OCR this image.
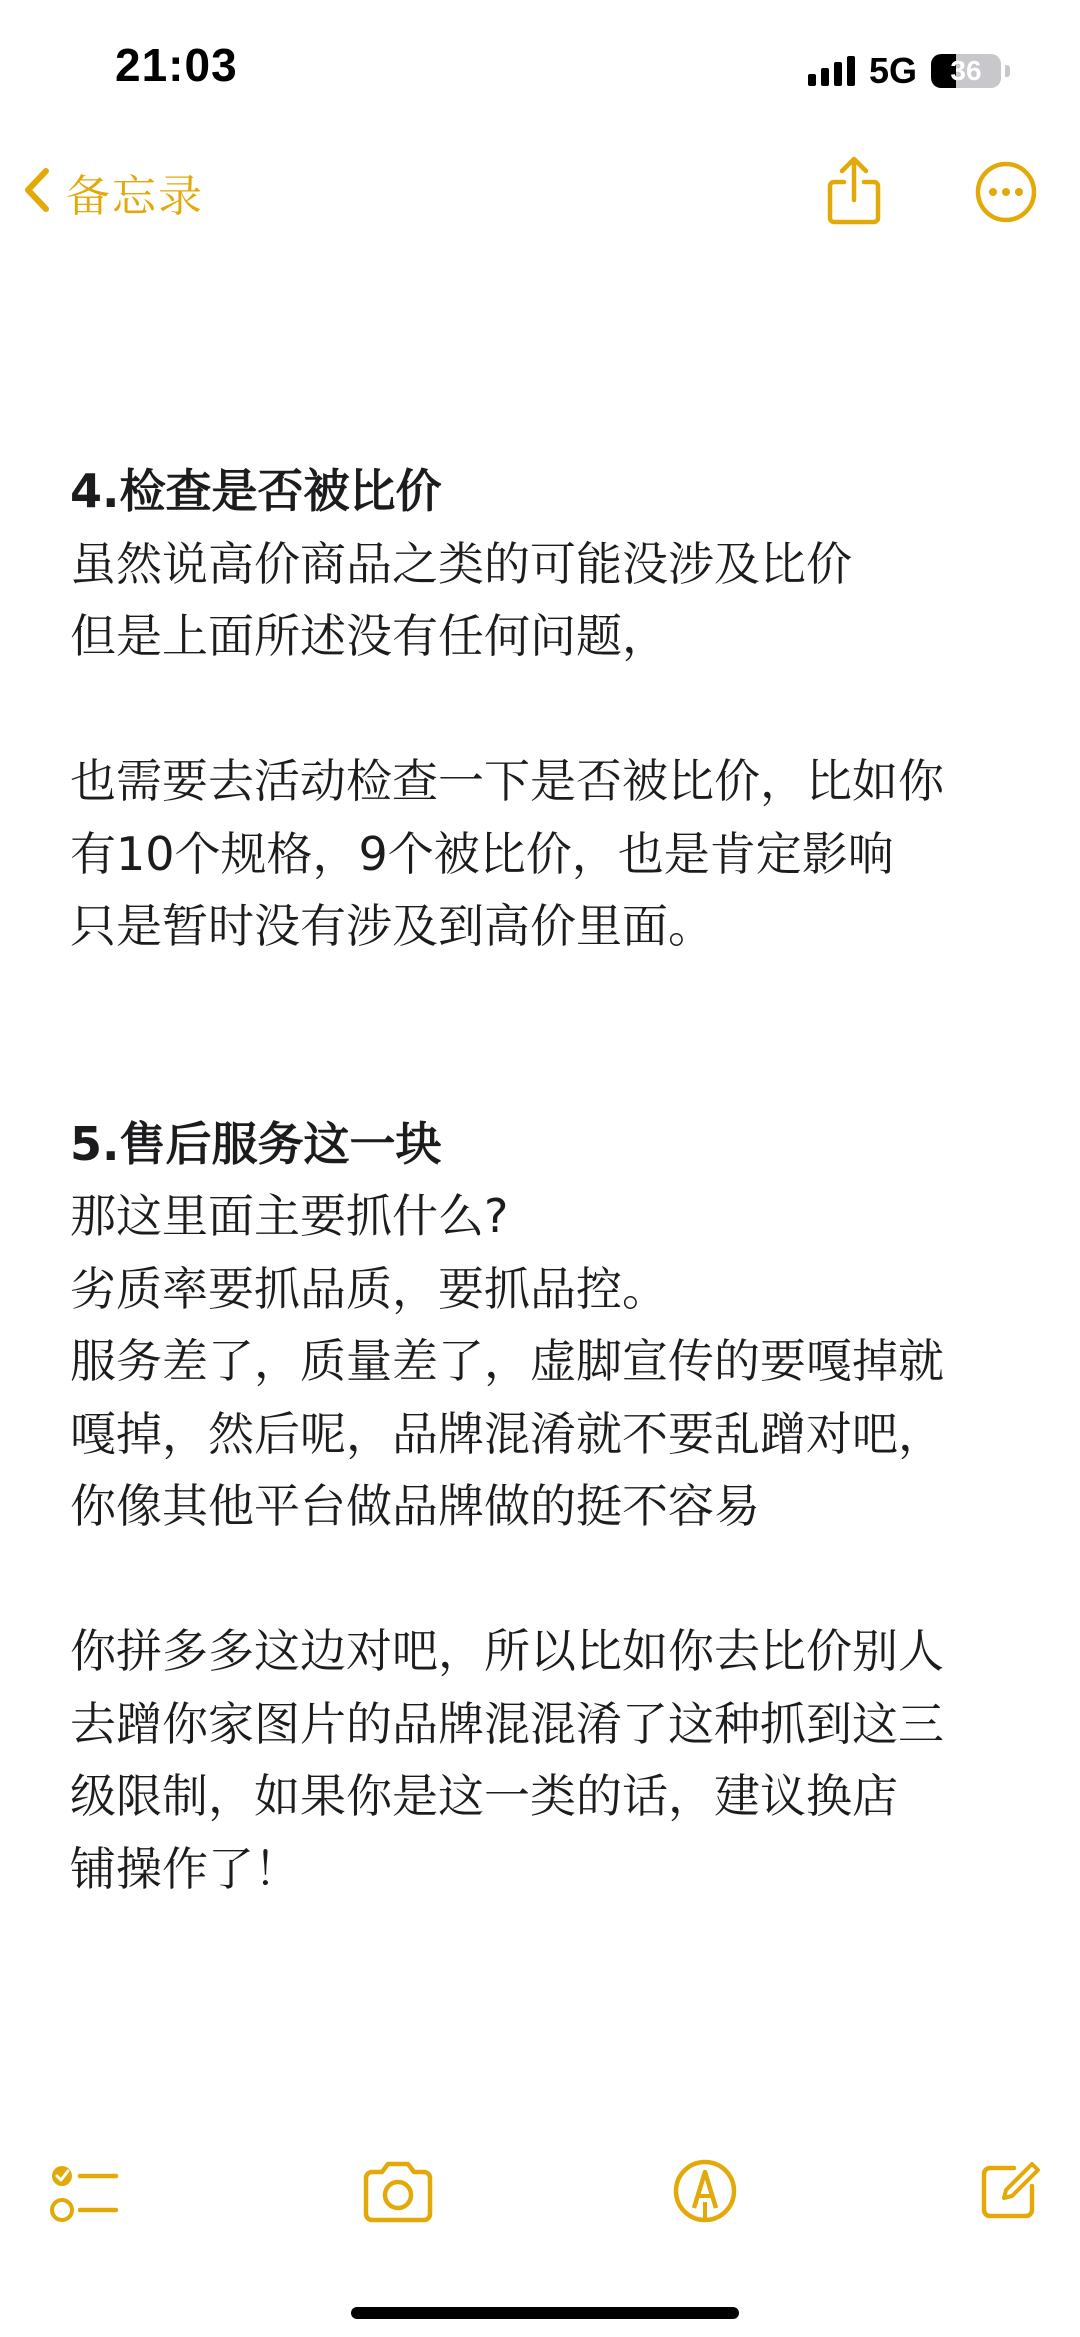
21:03	5G	36
备忘录
4.检查是否被比价
虽然说高价商品之类的可能没涉及比价
但是上面所述没有任何问题，
也需要去活动检查一下是否被比价，比如你
有10个规格，9个被比价，也是肯定影响
只是暂时没有涉及到高价里面。
5.售后服务这一块
那这里面主要抓什么?
劣质率要抓品质，要抓品控。
服务差了，质量差了，虚脚宣传的要嘎掉就
嘎掉，然后呢，品牌混淆就不要乱蹭对吧，
你像其他平台做品牌做的挺不容易
你拼多多这边对吧，所以比如你去比价别人
去蹭你家图片的品牌混混淆了这种抓到这三
级限制，如果你是这一类的话，建议换店
铺操作了！
